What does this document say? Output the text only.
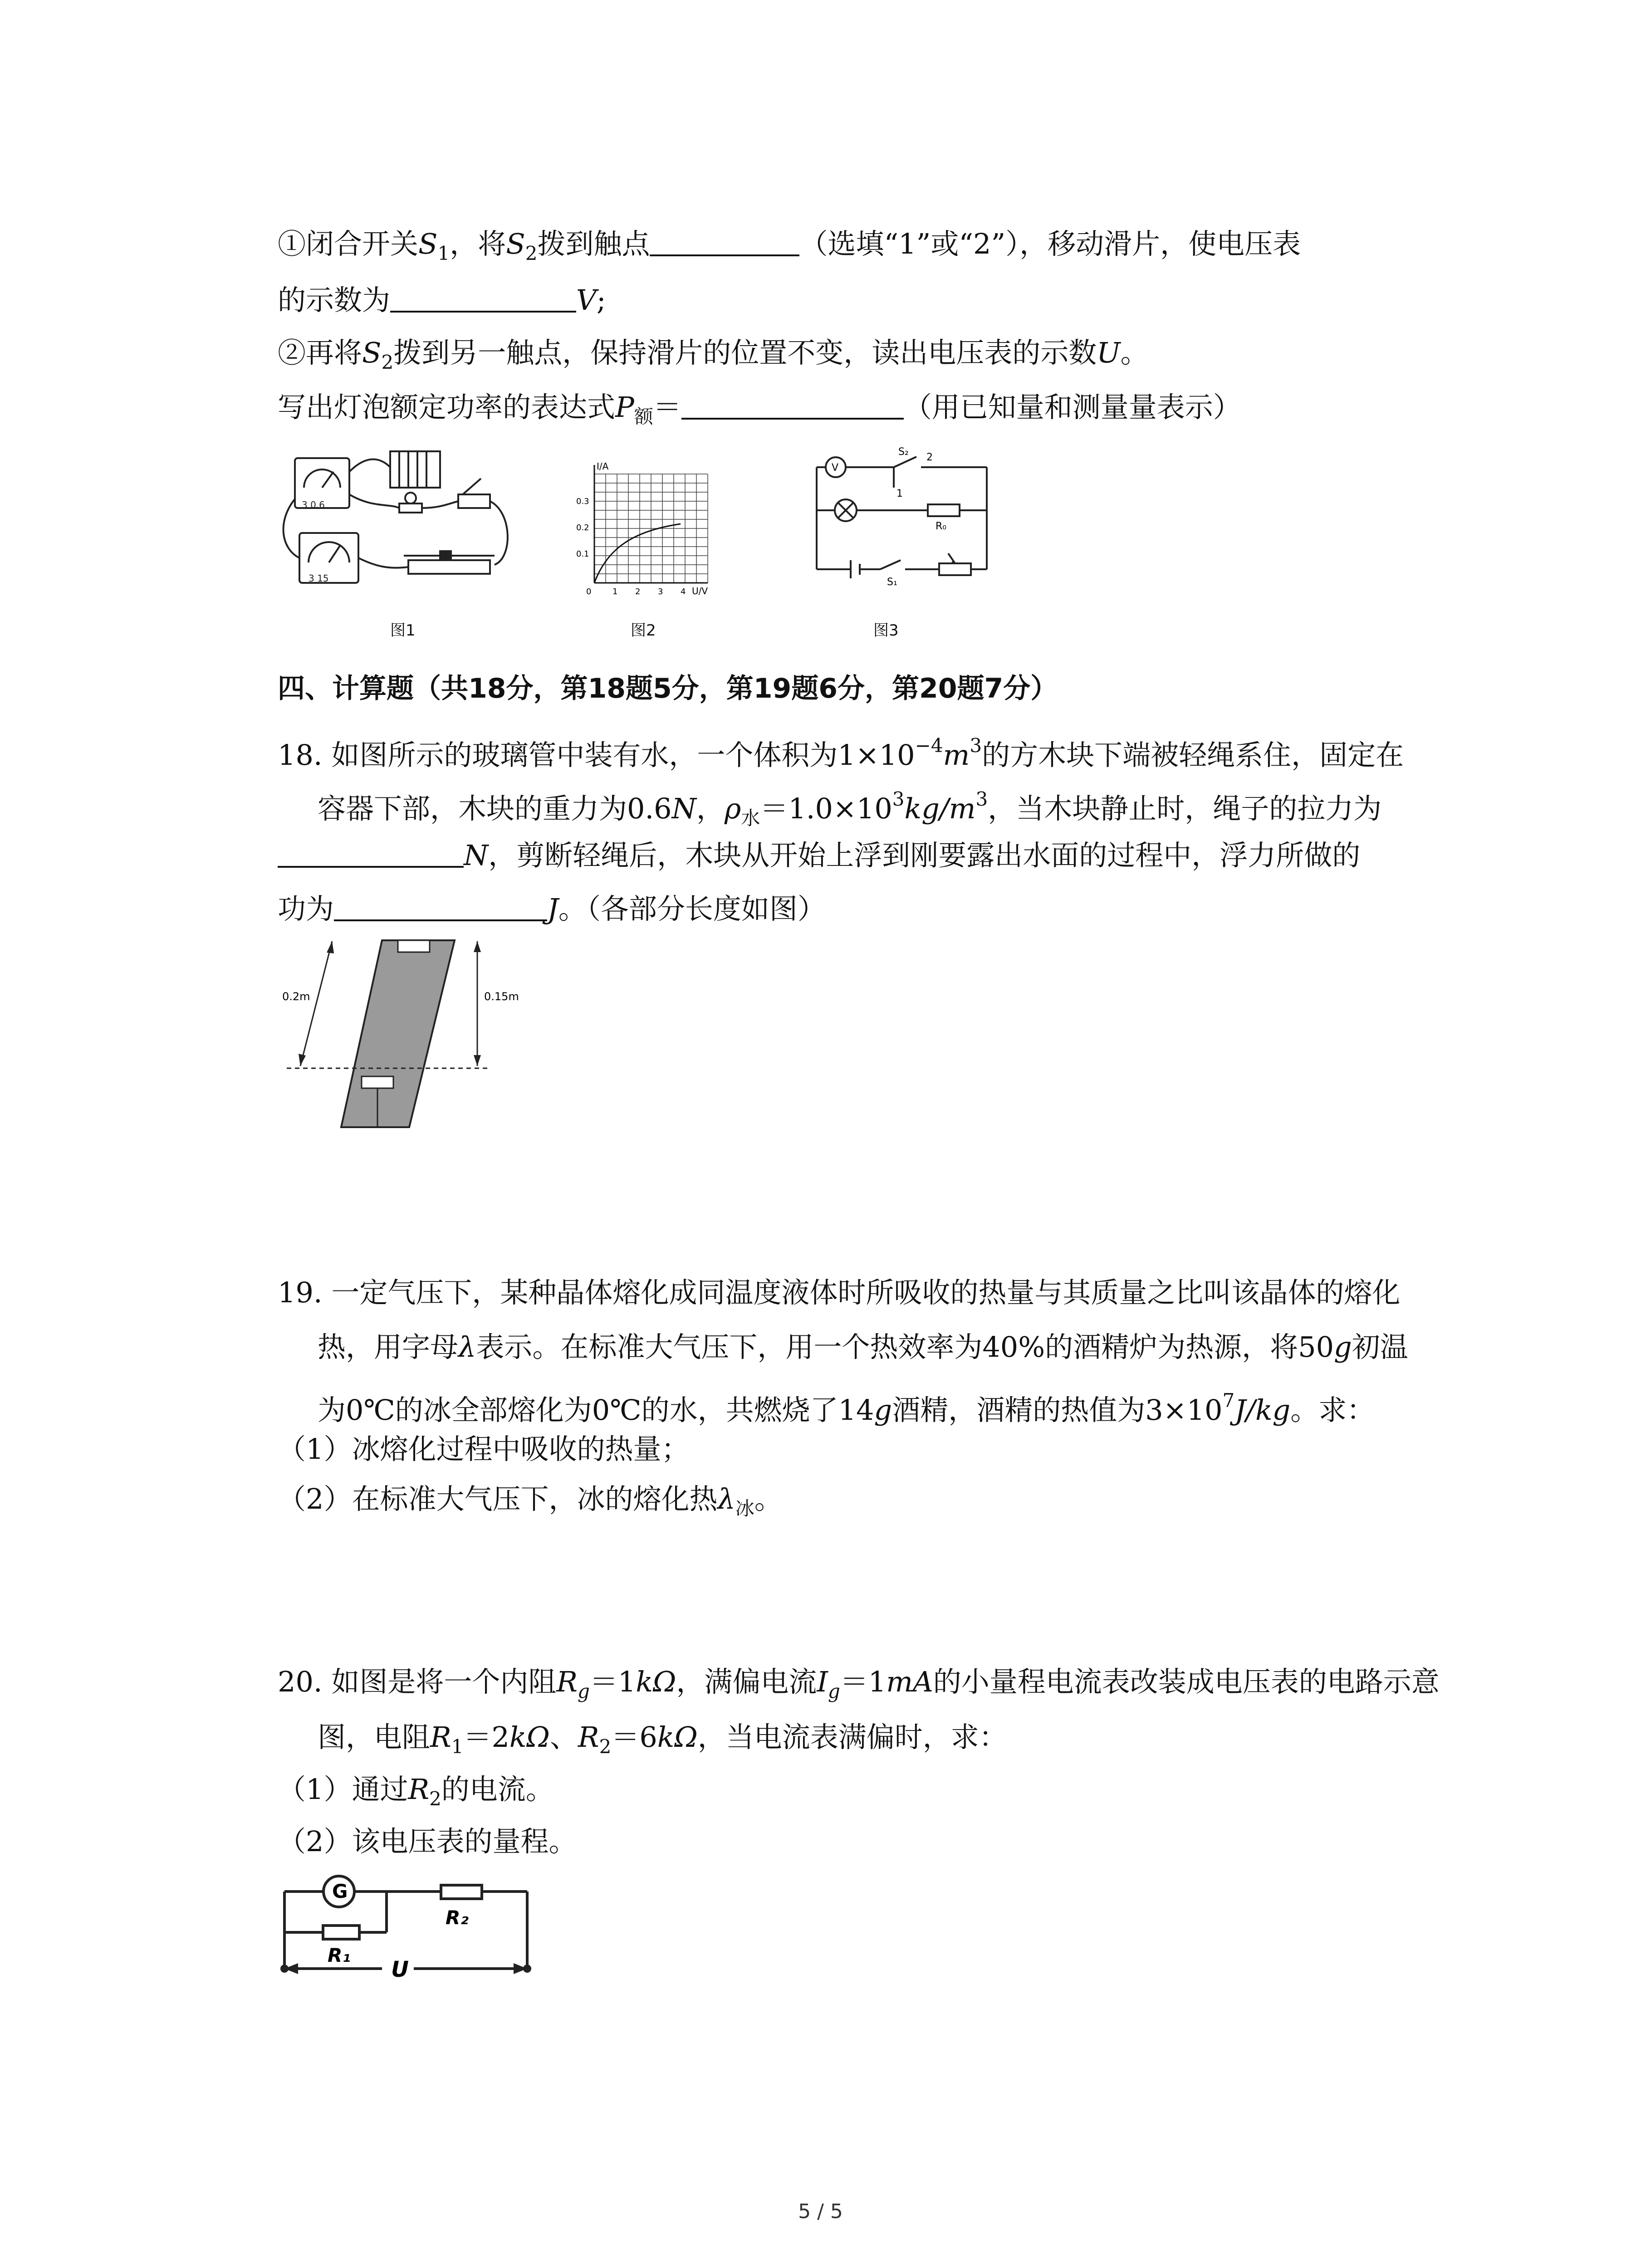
①闭合开关$S_1$，将$S_2$拨到触点	（选填“1”或“2”），移动滑片，使电压表
的示数为	V;
②再将$S_2$拨到另一触点，保持滑片的位置不变，读出电压表的示数U。
写出灯泡额定功率的表达式$P_额=$	（用已知量和测量量表示）
3 0.6
3 15
图1
I/A
U/V
0.3
0.2
0.1
0	1 2 3 4
图2
V
S₂
1
2
R₀
S₁
图3
四、计算题（共18分，第18题5分，第19题6分，第20题7分）
18. 如图所示的玻璃管中装有水，一个体积为$1\times 10^{-4}m^3$的方木块下端被轻绳系住，固定在
容器下部，木块的重力为0.6N，$\rho_水=1.0\times 10^3kg/m^3$，当木块静止时，绳子的拉力为
N，剪断轻绳后，木块从开始上浮到刚要露出水面的过程中，浮力所做的
功为	J。（各部分长度如图）
0.2m	0.15m
19. 一定气压下，某种晶体熔化成同温度液体时所吸收的热量与其质量之比叫该晶体的熔化
热，用字母λ表示。在标准大气压下，用一个热效率为40%的酒精炉为热源，将50g初温
为0℃的冰全部熔化为0℃的水，共燃烧了14g酒精，酒精的热值为$3\times 10^7J/kg$。求：
（1）冰熔化过程中吸收的热量；
（2）在标准大气压下，冰的熔化热$\lambda_冰$。
20. 如图是将一个内阻$R_g=1k\Omega$，满偏电流$I_g=1mA$的小量程电流表改装成电压表的电路示意
图，电阻$R_1=2k\Omega$、$R_2=6k\Omega$，当电流表满偏时，求：
（1）通过$R_2$的电流。
（2）该电压表的量程。
G
R₁
R₂
U
5 / 5
